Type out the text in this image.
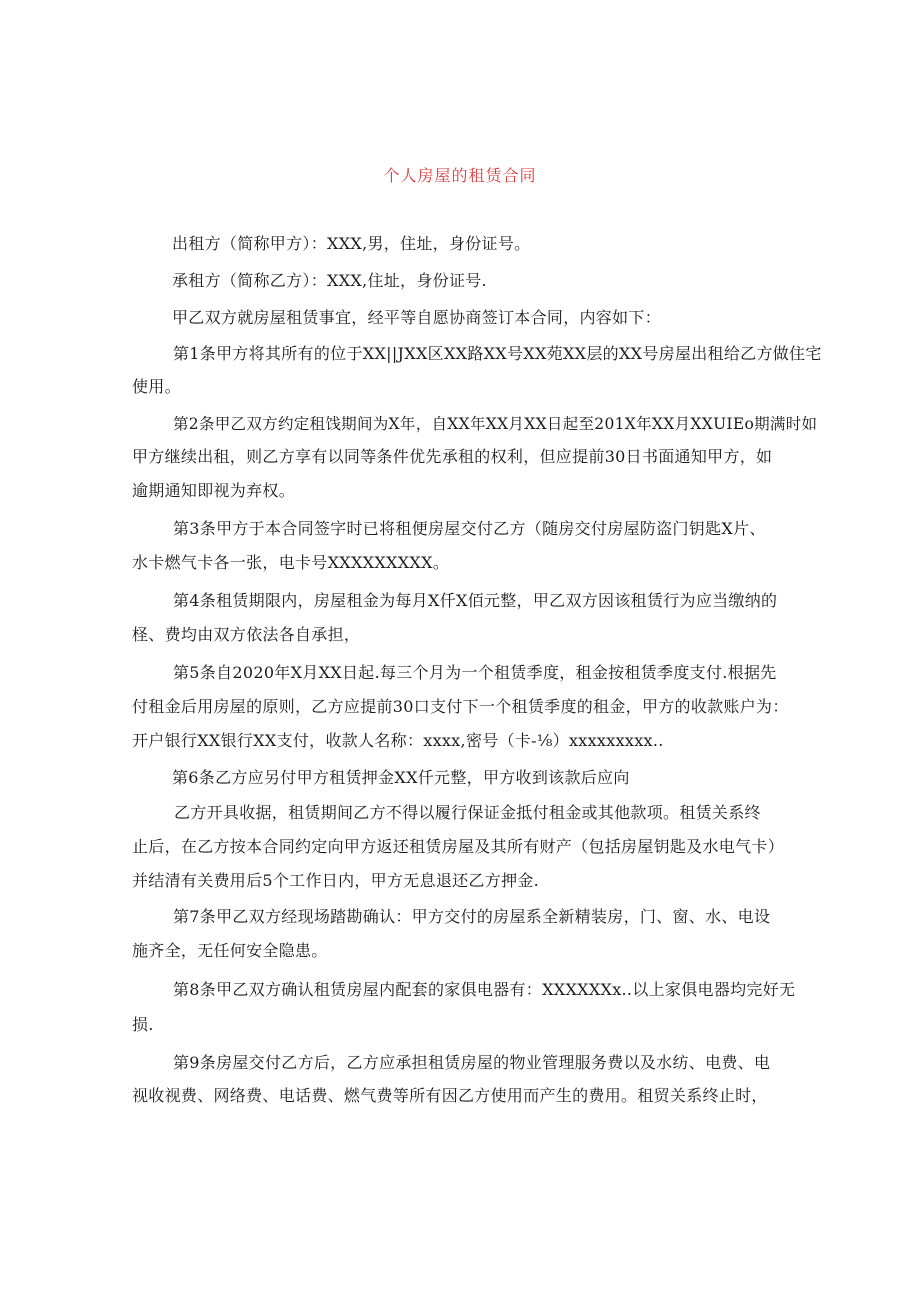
个人房屋的租赁合同
出租方（简称甲方）：XXX,男，住址，身份证号。
承租方（简称乙方）：XXX,住址，身份证号.
甲乙双方就房屋租赁事宜，经平等自愿协商签订本合同，内容如下：
第1条甲方将其所有的位于XX||JXX区XX路XX号XX苑XX层的XX号房屋出租给乙方做住宅
使用。
第2条甲乙双方约定租饯期间为X年，自XX年XX月XX日起至201X年XX月XXUIEo期满时如
甲方继续出租，则乙方享有以同等条件优先承租的权利，但应提前30日书面通知甲方，如
逾期通知即视为弃权。
第3条甲方于本合同签字时已将租便房屋交付乙方（随房交付房屋防盗门钥匙X片、
水卡燃气卡各一张，电卡号XXXXXXXXX。
第4条租赁期限内，房屋租金为每月X仟X佰元整，甲乙双方因该租赁行为应当缴纳的
柽、费均由双方依法各自承担，
第5条自2020年X月XX日起.每三个月为一个租赁季度，租金按租赁季度支付.根据先
付租金后用房屋的原则，乙方应提前30口支付下一个租赁季度的租金，甲方的收款账户为：
开户银行XX银行XX支付，收款人名称：xxxx,密号（卡-⅛）xxxxxxxxx..
第6条乙方应另付甲方租赁押金XX仟元整，甲方收到该款后应向
乙方开具收据，租赁期间乙方不得以履行保证金抵付租金或其他款项。租赁关系终
止后，在乙方按本合同约定向甲方返还租赁房屋及其所有财产（包括房屋钥匙及水电气卡）
并结清有关费用后5个工作日内，甲方无息退还乙方押金.
第7条甲乙双方经现场踏勘确认：甲方交付的房屋系全新精装房，门、窗、水、电设
施齐全，无任何安全隐患。
第8条甲乙双方确认租赁房屋内配套的家俱电器有：XXXXXXx..以上家俱电器均完好无
损.
第9条房屋交付乙方后，乙方应承担租赁房屋的物业管理服务费以及水纺、电费、电
视收视费、网络费、电话费、燃气费等所有因乙方使用而产生的费用。租贸关系终止时，
